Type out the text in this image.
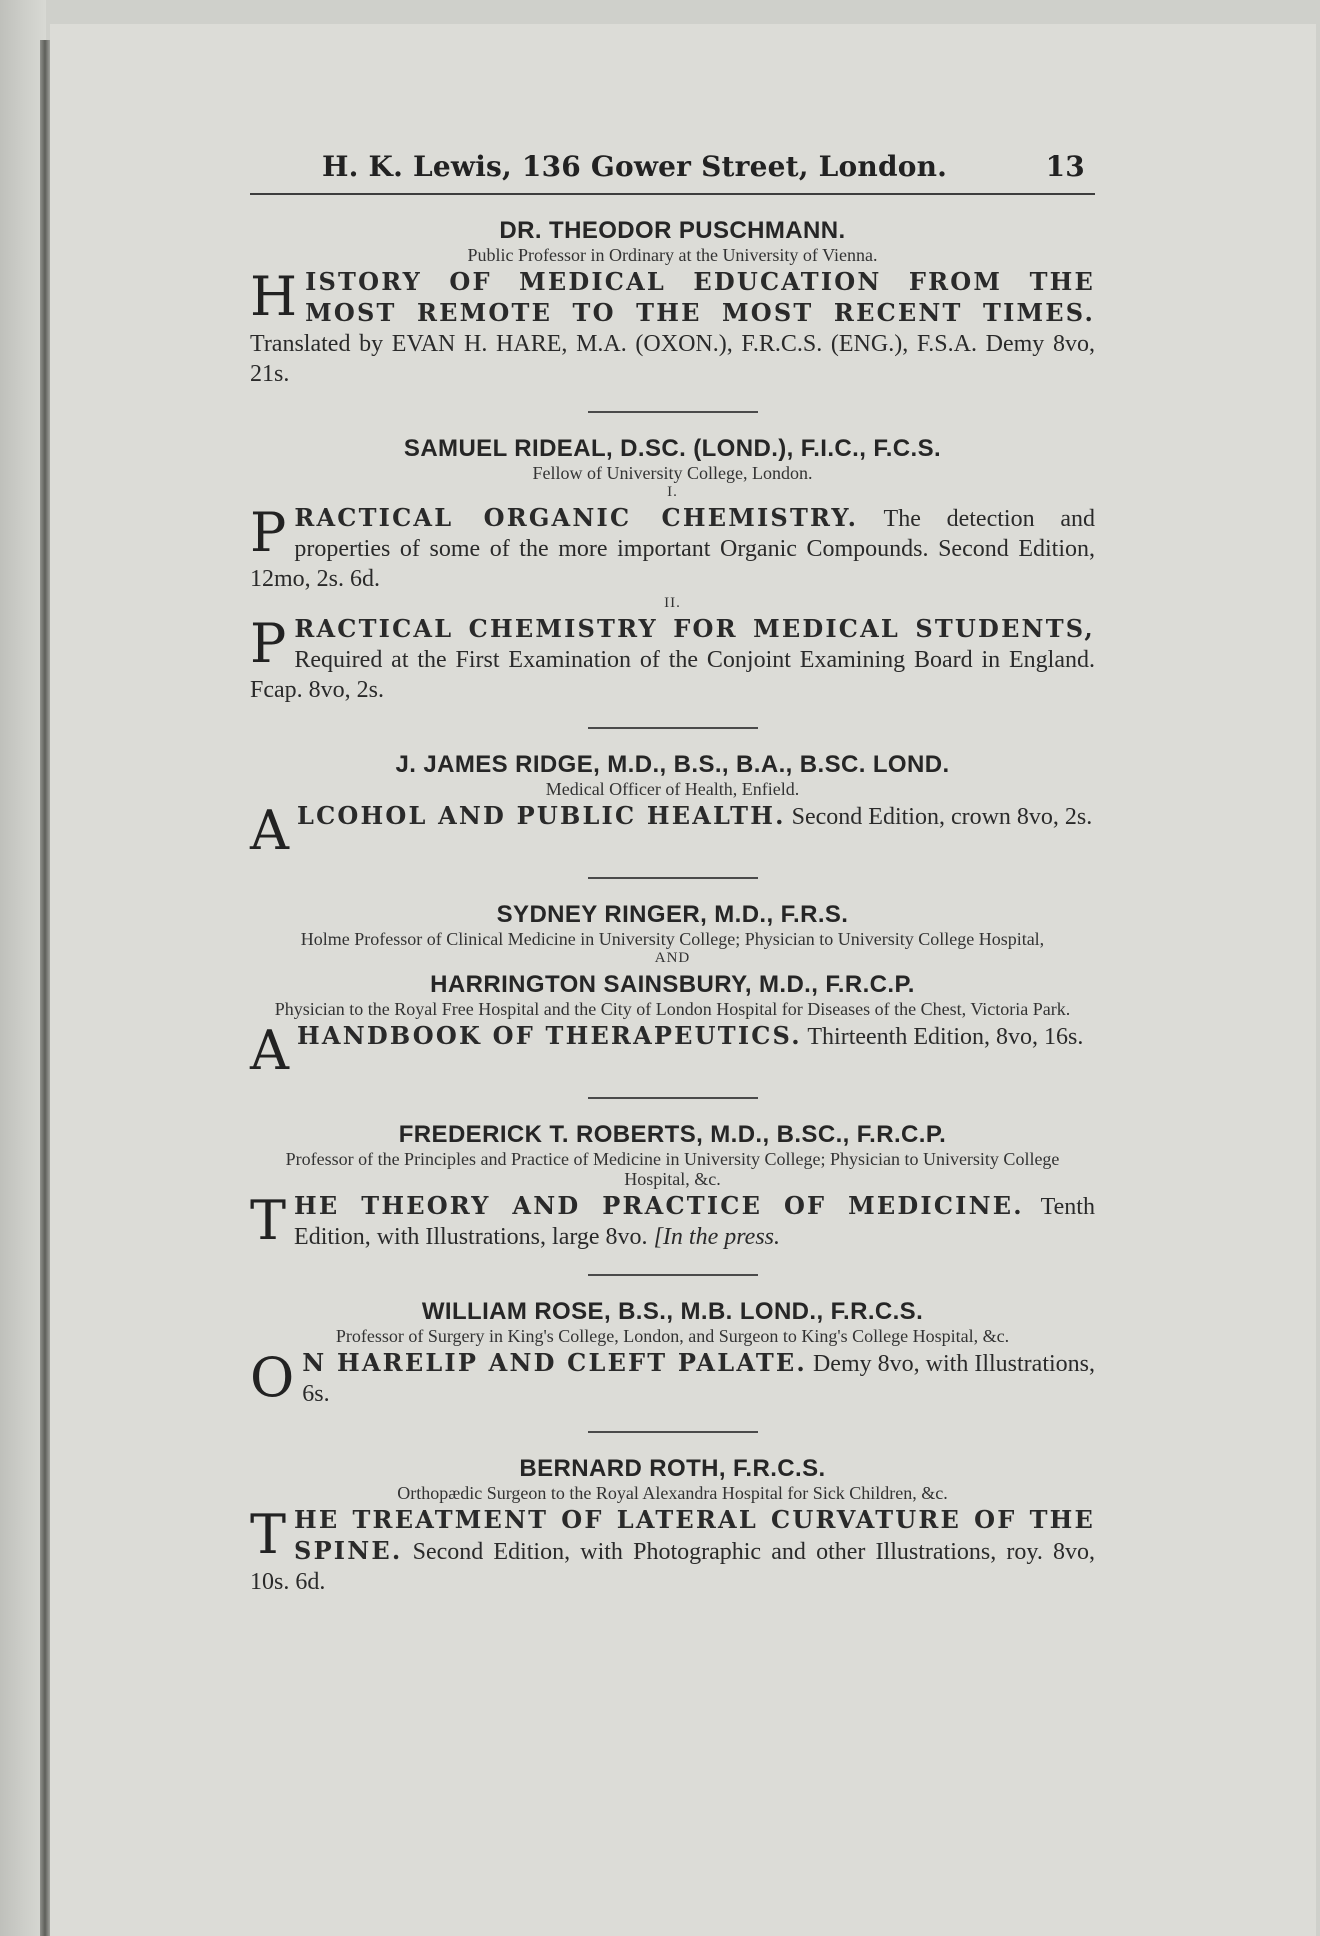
H. K. Lewis, 136 Gower Street, London.	13
DR. THEODOR PUSCHMANN.
Public Professor in Ordinary at the University of Vienna.
H ISTORY OF MEDICAL EDUCATION FROM THE MOST REMOTE TO THE MOST RECENT TIMES. Translated by EVAN H. HARE, M.A. (OXON.), F.R.C.S. (ENG.), F.S.A. Demy 8vo, 21s.
SAMUEL RIDEAL, D.SC. (LOND.), F.I.C., F.C.S.
Fellow of University College, London.
I.
P RACTICAL ORGANIC CHEMISTRY. The detection and properties of some of the more important Organic Compounds. Second Edition, 12mo, 2s. 6d.
II.
P RACTICAL CHEMISTRY FOR MEDICAL STUDENTS, Required at the First Examination of the Conjoint Examining Board in England. Fcap. 8vo, 2s.
J. JAMES RIDGE, M.D., B.S., B.A., B.SC. LOND.
Medical Officer of Health, Enfield.
A LCOHOL AND PUBLIC HEALTH. Second Edition, crown 8vo, 2s.
SYDNEY RINGER, M.D., F.R.S.
Holme Professor of Clinical Medicine in University College; Physician to University College Hospital,
AND
HARRINGTON SAINSBURY, M.D., F.R.C.P.
Physician to the Royal Free Hospital and the City of London Hospital for Diseases of the Chest, Victoria Park.
A HANDBOOK OF THERAPEUTICS. Thirteenth Edition, 8vo, 16s.
FREDERICK T. ROBERTS, M.D., B.SC., F.R.C.P.
Professor of the Principles and Practice of Medicine in University College; Physician to University College Hospital, &c.
T HE THEORY AND PRACTICE OF MEDICINE. Tenth Edition, with Illustrations, large 8vo. [In the press.
WILLIAM ROSE, B.S., M.B. LOND., F.R.C.S.
Professor of Surgery in King's College, London, and Surgeon to King's College Hospital, &c.
O N HARELIP AND CLEFT PALATE. Demy 8vo, with Illustrations, 6s.
BERNARD ROTH, F.R.C.S.
Orthopædic Surgeon to the Royal Alexandra Hospital for Sick Children, &c.
T HE TREATMENT OF LATERAL CURVATURE OF THE SPINE. Second Edition, with Photographic and other Illustrations, roy. 8vo, 10s. 6d.
